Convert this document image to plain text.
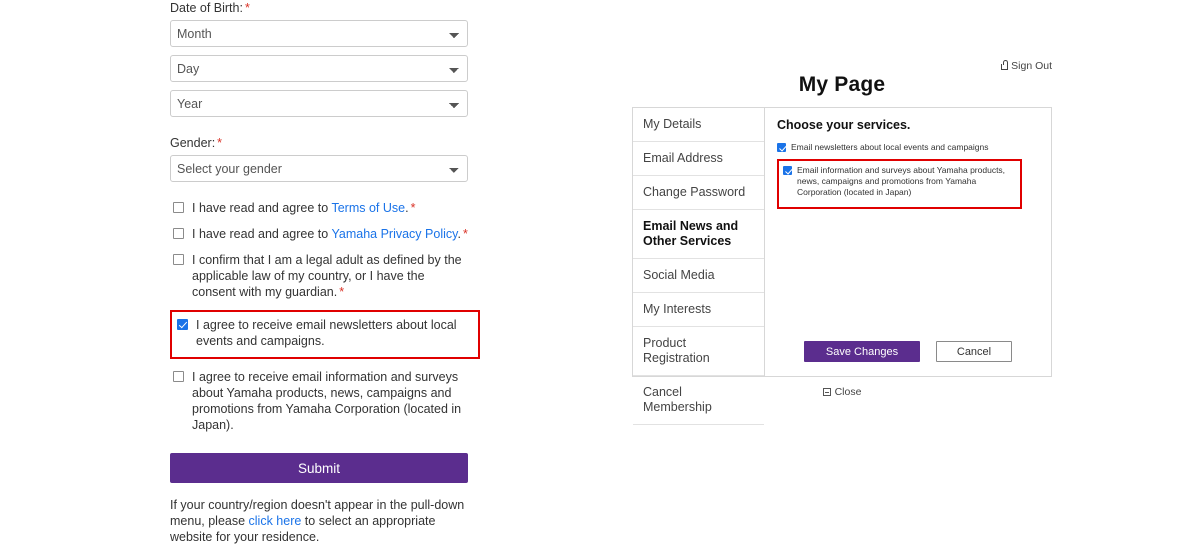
Date of Birth: *
Month
Day
Year
Gender: *
Select your gender
I have read and agree to Terms of Use. *
I have read and agree to Yamaha Privacy Policy. *
I confirm that I am a legal adult as defined by the applicable law of my country, or I have the consent with my guardian. *
I agree to receive email newsletters about local events and campaigns.
I agree to receive email information and surveys about Yamaha products, news, campaigns and promotions from Yamaha Corporation (located in Japan).
Submit
If your country/region doesn't appear in the pull-down menu, please click here to select an appropriate website for your residence.
Sign Out
My Page
My Details
Email Address
Change Password
Email News and Other Services
Social Media
My Interests
Product Registration
Cancel Membership
Choose your services.
Email newsletters about local events and campaigns
Email information and surveys about Yamaha products, news, campaigns and promotions from Yamaha Corporation (located in Japan)
Save Changes	Cancel
Close
